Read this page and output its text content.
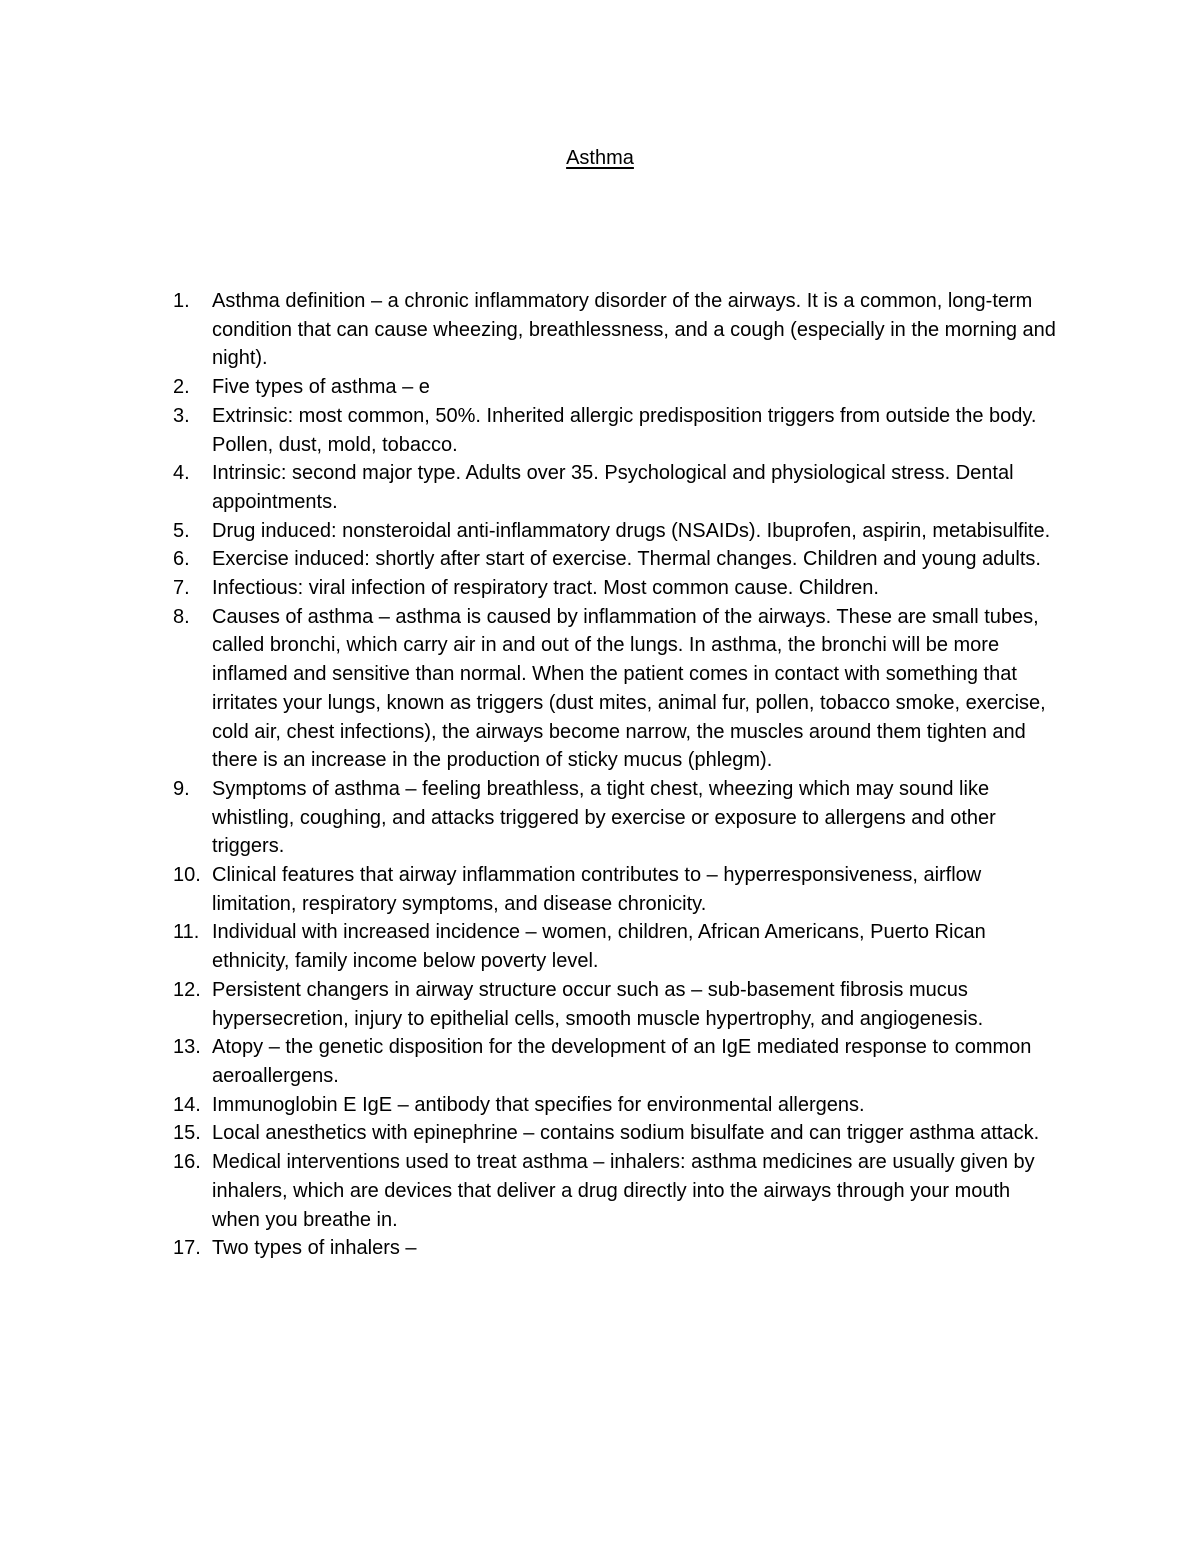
Asthma
1.	Asthma definition – a chronic inflammatory disorder of the airways. It is a common, long-term condition that can cause wheezing, breathlessness, and a cough (especially in the morning and night).
2.	Five types of asthma – e
3.	Extrinsic: most common, 50%. Inherited allergic predisposition triggers from outside the body. Pollen, dust, mold, tobacco.
4.	Intrinsic: second major type. Adults over 35. Psychological and physiological stress. Dental appointments.
5.	Drug induced: nonsteroidal anti-inflammatory drugs (NSAIDs). Ibuprofen, aspirin, metabisulfite.
6.	Exercise induced: shortly after start of exercise. Thermal changes. Children and young adults.
7.	Infectious: viral infection of respiratory tract. Most common cause. Children.
8.	Causes of asthma – asthma is caused by inflammation of the airways. These are small tubes, called bronchi, which carry air in and out of the lungs. In asthma, the bronchi will be more inflamed and sensitive than normal. When the patient comes in contact with something that irritates your lungs, known as triggers (dust mites, animal fur, pollen, tobacco smoke, exercise, cold air, chest infections), the airways become narrow, the muscles around them tighten and there is an increase in the production of sticky mucus (phlegm).
9.	Symptoms of asthma – feeling breathless, a tight chest, wheezing which may sound like whistling, coughing, and attacks triggered by exercise or exposure to allergens and other triggers.
10. Clinical features that airway inflammation contributes to – hyperresponsiveness, airflow limitation, respiratory symptoms, and disease chronicity.
11. Individual with increased incidence – women, children, African Americans, Puerto Rican ethnicity, family income below poverty level.
12. Persistent changers in airway structure occur such as – sub-basement fibrosis mucus hypersecretion, injury to epithelial cells, smooth muscle hypertrophy, and angiogenesis.
13. Atopy – the genetic disposition for the development of an IgE mediated response to common aeroallergens.
14. Immunoglobin E IgE – antibody that specifies for environmental allergens.
15. Local anesthetics with epinephrine – contains sodium bisulfate and can trigger asthma attack.
16. Medical interventions used to treat asthma – inhalers: asthma medicines are usually given by inhalers, which are devices that deliver a drug directly into the airways through your mouth when you breathe in.
17. Two types of inhalers –
